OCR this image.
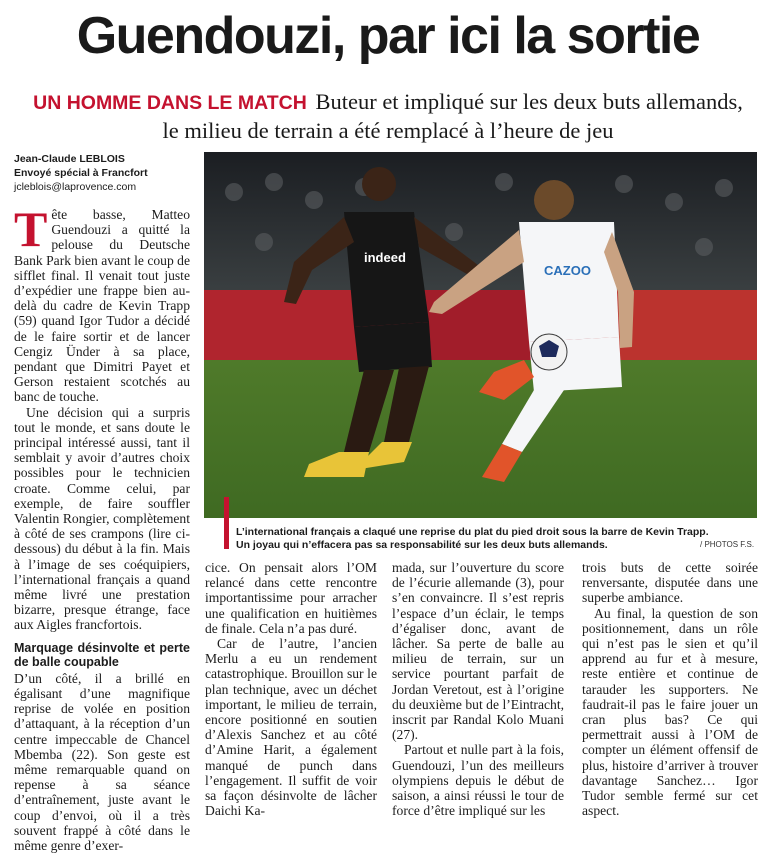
Guendouzi, par ici la sortie
UN HOMME DANS LE MATCH Buteur et impliqué sur les deux buts allemands,
le milieu de terrain a été remplacé à l’heure de jeu
Jean-Claude LEBLOIS
Envoyé spécial à Francfort
jcleblois@laprovence.com
indeed
CAZOO
L’international français a claqué une reprise du plat du pied droit sous la barre de Kevin Trapp.
Un joyau qui n’effacera pas sa responsabilité sur les deux buts allemands.	/ PHOTOS F.S.

Tête basse, Matteo Guendouzi a quitté la pelouse du Deutsche Bank Park bien avant le coup de sifflet final. Il venait tout juste d’expédier une frappe bien au-delà du cadre de Kevin Trapp (59) quand Igor Tudor a décidé de le faire sortir et de lancer Cengiz Ünder à sa place, pendant que Dimitri Payet et Gerson restaient scotchés au banc de touche.

Une décision qui a surpris tout le monde, et sans doute le principal intéressé aussi, tant il semblait y avoir d’autres choix possibles pour le technicien croate. Comme celui, par exemple, de faire souffler Valentin Rongier, complètement à côté de ses crampons (lire ci-dessous) du début à la fin. Mais à l’image de ses coéquipiers, l’international français a quand même livré une prestation bizarre, presque étrange, face aux Aigles francfortois.

Marquage désinvolte et perte de balle coupable

D’un côté, il a brillé en égalisant d’une magnifique reprise de volée en position d’attaquant, à la réception d’un centre impeccable de Chancel Mbemba (22). Son geste est même remarquable quand on repense à sa séance d’entraînement, juste avant le coup d’envoi, où il a très souvent frappé à côté dans le même genre d’exer-

cice. On pensait alors l’OM relancé dans cette rencontre importantissime pour arracher une qualification en huitièmes de finale. Cela n’a pas duré.

Car de l’autre, l’ancien Merlu a eu un rendement catastrophique. Brouillon sur le plan technique, avec un déchet important, le milieu de terrain, encore positionné en soutien d’Alexis Sanchez et au côté d’Amine Harit, a également manqué de punch dans l’engagement. Il suffit de voir sa façon désinvolte de lâcher Daichi Ka-

mada, sur l’ouverture du score de l’écurie allemande (3), pour s’en convaincre. Il s’est repris l’espace d’un éclair, le temps d’égaliser donc, avant de lâcher. Sa perte de balle au milieu de terrain, sur un service pourtant parfait de Jordan Veretout, est à l’origine du deuxième but de l’Eintracht, inscrit par Randal Kolo Muani (27).

Partout et nulle part à la fois, Guendouzi, l’un des meilleurs olympiens depuis le début de saison, a ainsi réussi le tour de force d’être impliqué sur les

trois buts de cette soirée renversante, disputée dans une superbe ambiance.

Au final, la question de son positionnement, dans un rôle qui n’est pas le sien et qu’il apprend au fur et à mesure, reste entière et continue de tarauder les supporters. Ne faudrait-il pas le faire jouer un cran plus bas? Ce qui permettrait aussi à l’OM de compter un élément offensif de plus, histoire d’arriver à trouver davantage Sanchez… Igor Tudor semble fermé sur cet aspect.
